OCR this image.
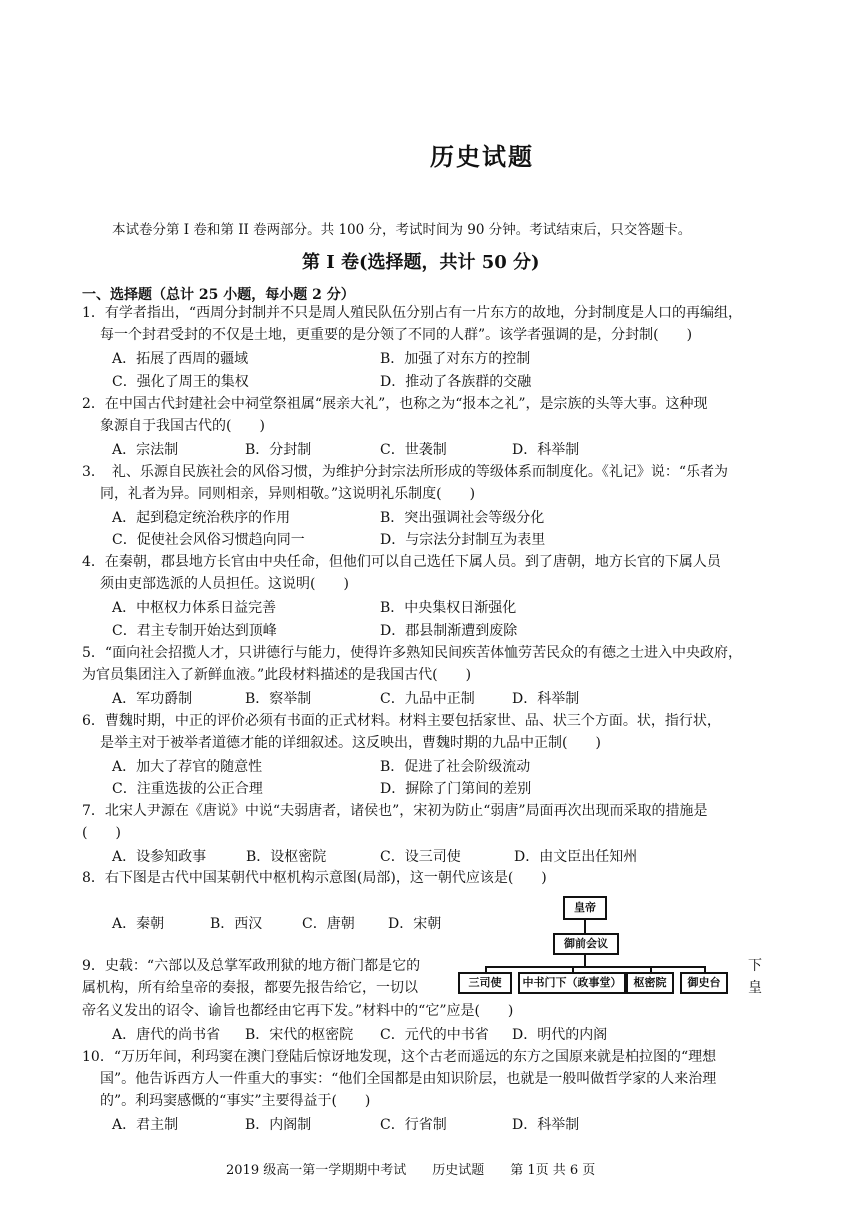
历史试题
本试卷分第 I 卷和第 II 卷两部分。共 100 分，考试时间为 90 分钟。考试结束后，只交答题卡。
第 I 卷(选择题，共计 50 分)
一、选择题（总计 25 小题，每小题 2 分）
1．有学者指出，“西周分封制并不只是周人殖民队伍分别占有一片东方的故地，分封制度是人口的再编组，
每一个封君受封的不仅是土地，更重要的是分领了不同的人群”。该学者强调的是，分封制(　　)
A．拓展了西周的疆域	B．加强了对东方的控制
C．强化了周王的集权	D．推动了各族群的交融
2．在中国古代封建社会中祠堂祭祖属“展亲大礼”，也称之为“报本之礼”，是宗族的头等大事。这种现
象源自于我国古代的(　　)
A．宗法制	B．分封制	C．世袭制	D．科举制
3．　礼、乐源自民族社会的风俗习惯，为维护分封宗法所形成的等级体系而制度化。《礼记》说：“乐者为
同，礼者为异。同则相亲，异则相敬。”这说明礼乐制度(　　)
A．起到稳定统治秩序的作用	B．突出强调社会等级分化
C．促使社会风俗习惯趋向同一	D．与宗法分封制互为表里
4．在秦朝，郡县地方长官由中央任命，但他们可以自己选任下属人员。到了唐朝，地方长官的下属人员
须由吏部选派的人员担任。这说明(　　)
A．中枢权力体系日益完善	B．中央集权日渐强化
C．君主专制开始达到顶峰	D．郡县制渐遭到废除
5．“面向社会招揽人才，只讲德行与能力，使得许多熟知民间疾苦体恤劳苦民众的有德之士进入中央政府，
为官员集团注入了新鲜血液。”此段材料描述的是我国古代(　　)
A．军功爵制	B．察举制	C．九品中正制	D．科举制
6．曹魏时期，中正的评价必须有书面的正式材料。材料主要包括家世、品、状三个方面。状，指行状，
是举主对于被举者道德才能的详细叙述。这反映出，曹魏时期的九品中正制(　　)
A．加大了荐官的随意性	B．促进了社会阶级流动
C．注重选拔的公正合理	D．摒除了门第间的差别
7．北宋人尹源在《唐说》中说“夫弱唐者，诸侯也”，宋初为防止“弱唐”局面再次出现而采取的措施是
(　　)
A．设参知政事	B．设枢密院	C．设三司使	D．由文臣出任知州
8．右下图是古代中国某朝代中枢机构示意图(局部)，这一朝代应该是(　　)
A．秦朝	B．西汉	C．唐朝 D．宋朝
皇帝
御前会议
三司使	中书门下（政事堂）	枢密院	御史台
9．史载：“六部以及总掌军政刑狱的地方衙门都是它的	下
属机构，所有给皇帝的奏报，都要先报告给它，一切以	皇
帝名义发出的诏令、谕旨也都经由它再下发。”材料中的“它”应是(　　)
A．唐代的尚书省 B．宋代的枢密院 C．元代的中书省 D．明代的内阁
10．“万历年间，利玛窦在澳门登陆后惊讶地发现，这个古老而遥远的东方之国原来就是柏拉图的“理想
国”。他告诉西方人一件重大的事实：“他们全国都是由知识阶层，也就是一般叫做哲学家的人来治理
的”。利玛窦感慨的“事实”主要得益于(　　)
A．君主制	B．内阁制	C．行省制	D．科举制
2019 级高一第一学期期中考试　　历史试题　　第 1页 共 6 页
